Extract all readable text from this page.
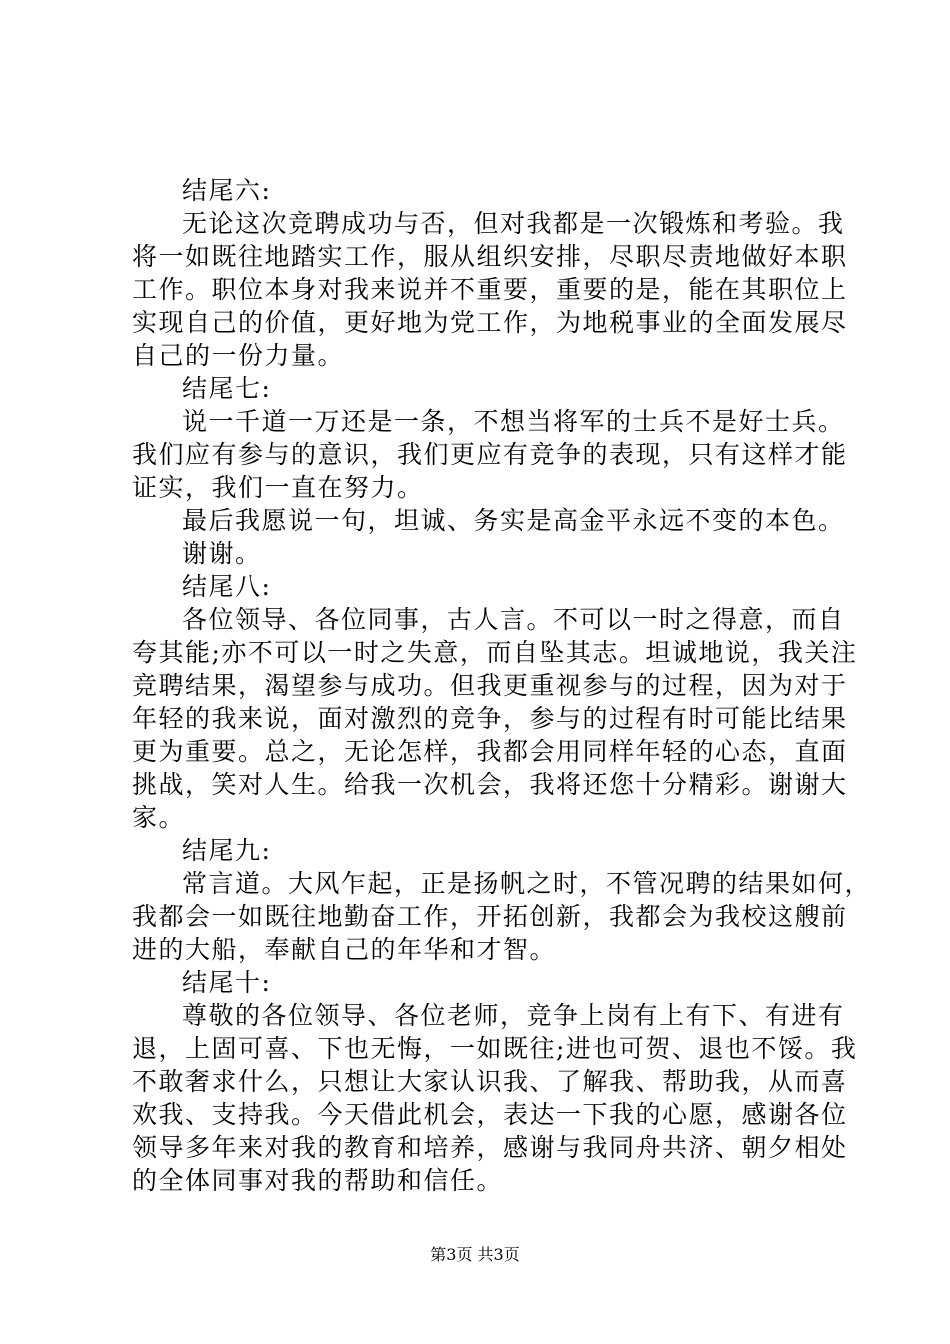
结尾六:
无论这次竞聘成功与否，但对我都是一次锻炼和考验。我
将一如既往地踏实工作，服从组织安排，尽职尽责地做好本职
工作。职位本身对我来说并不重要，重要的是，能在其职位上
实现自己的价值，更好地为党工作，为地税事业的全面发展尽
自己的一份力量。
结尾七:
说一千道一万还是一条，不想当将军的士兵不是好士兵。
我们应有参与的意识，我们更应有竞争的表现，只有这样才能
证实，我们一直在努力。
最后我愿说一句，坦诚、务实是高金平永远不变的本色。
谢谢。
结尾八:
各位领导、各位同事，古人言。不可以一时之得意，而自
夸其能;亦不可以一时之失意，而自坠其志。坦诚地说，我关注
竞聘结果，渴望参与成功。但我更重视参与的过程，因为对于
年轻的我来说，面对激烈的竞争，参与的过程有时可能比结果
更为重要。总之，无论怎样，我都会用同样年轻的心态，直面
挑战，笑对人生。给我一次机会，我将还您十分精彩。谢谢大
家。
结尾九:
常言道。大风乍起，正是扬帆之时，不管况聘的结果如何，
我都会一如既往地勤奋工作，开拓创新，我都会为我校这艘前
进的大船，奉献自己的年华和才智。
结尾十:
尊敬的各位领导、各位老师，竞争上岗有上有下、有进有
退，上固可喜、下也无悔，一如既往;进也可贺、退也不馁。我
不敢奢求什么，只想让大家认识我、了解我、帮助我，从而喜
欢我、支持我。今天借此机会，表达一下我的心愿，感谢各位
领导多年来对我的教育和培养，感谢与我同舟共济、朝夕相处
的全体同事对我的帮助和信任。
第3页 共3页
